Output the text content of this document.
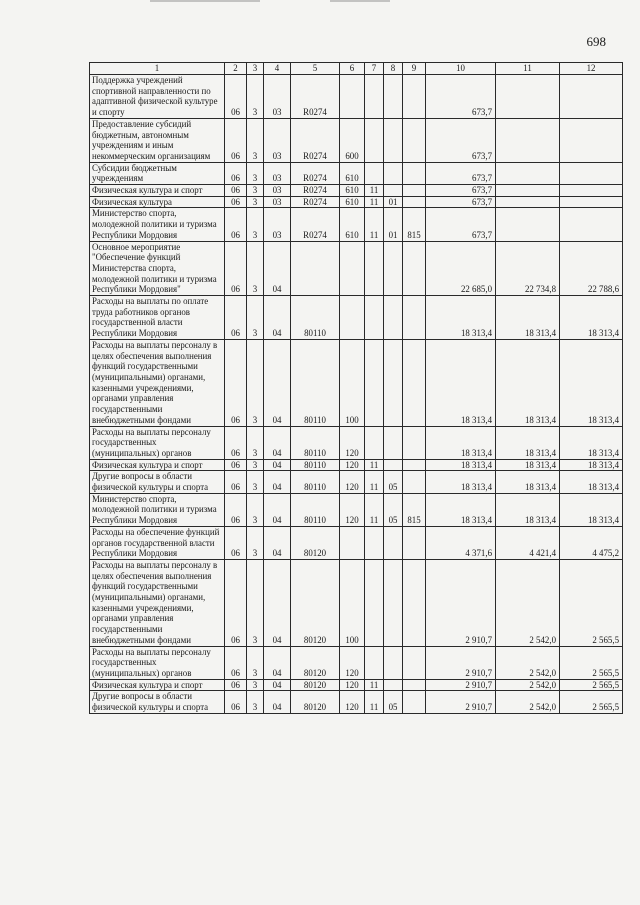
698
1	2	3	4	5	6	7	8	9	10	11	12
Поддержка учреждений спортивной направленности по адаптивной физической культуре и спорту	06	3	03	R0274					673,7		
Предоставление субсидий бюджетным, автономным учреждениям и иным некоммерческим организациям	06	3	03	R0274	600				673,7		
Субсидии бюджетным учреждениям	06	3	03	R0274	610				673,7		
Физическая культура и спорт	06	3	03	R0274	610	11			673,7		
Физическая культура	06	3	03	R0274	610	11	01		673,7		
Министерство спорта, молодежной политики и туризма Республики Мордовия	06	3	03	R0274	610	11	01	815	673,7		
Основное мероприятие "Обеспечение функций Министерства спорта, молодежной политики и туризма Республики Мордовия"	06	3	04						22 685,0	22 734,8	22 788,6
Расходы на выплаты по оплате труда работников органов государственной власти Республики Мордовия	06	3	04	80110					18 313,4	18 313,4	18 313,4
Расходы на выплаты персоналу в целях обеспечения выполнения функций государственными (муниципальными) органами, казенными учреждениями, органами управления государственными внебюджетными фондами	06	3	04	80110	100				18 313,4	18 313,4	18 313,4
Расходы на выплаты персоналу государственных (муниципальных) органов	06	3	04	80110	120				18 313,4	18 313,4	18 313,4
Физическая культура и спорт	06	3	04	80110	120	11			18 313,4	18 313,4	18 313,4
Другие вопросы в области физической культуры и спорта	06	3	04	80110	120	11	05		18 313,4	18 313,4	18 313,4
Министерство спорта, молодежной политики и туризма Республики Мордовия	06	3	04	80110	120	11	05	815	18 313,4	18 313,4	18 313,4
Расходы на обеспечение функций органов государственной власти Республики Мордовия	06	3	04	80120					4 371,6	4 421,4	4 475,2
Расходы на выплаты персоналу в целях обеспечения выполнения функций государственными (муниципальными) органами, казенными учреждениями, органами управления государственными внебюджетными фондами	06	3	04	80120	100				2 910,7	2 542,0	2 565,5
Расходы на выплаты персоналу государственных (муниципальных) органов	06	3	04	80120	120				2 910,7	2 542,0	2 565,5
Физическая культура и спорт	06	3	04	80120	120	11			2 910,7	2 542,0	2 565,5
Другие вопросы в области физической культуры и спорта	06	3	04	80120	120	11	05		2 910,7	2 542,0	2 565,5
